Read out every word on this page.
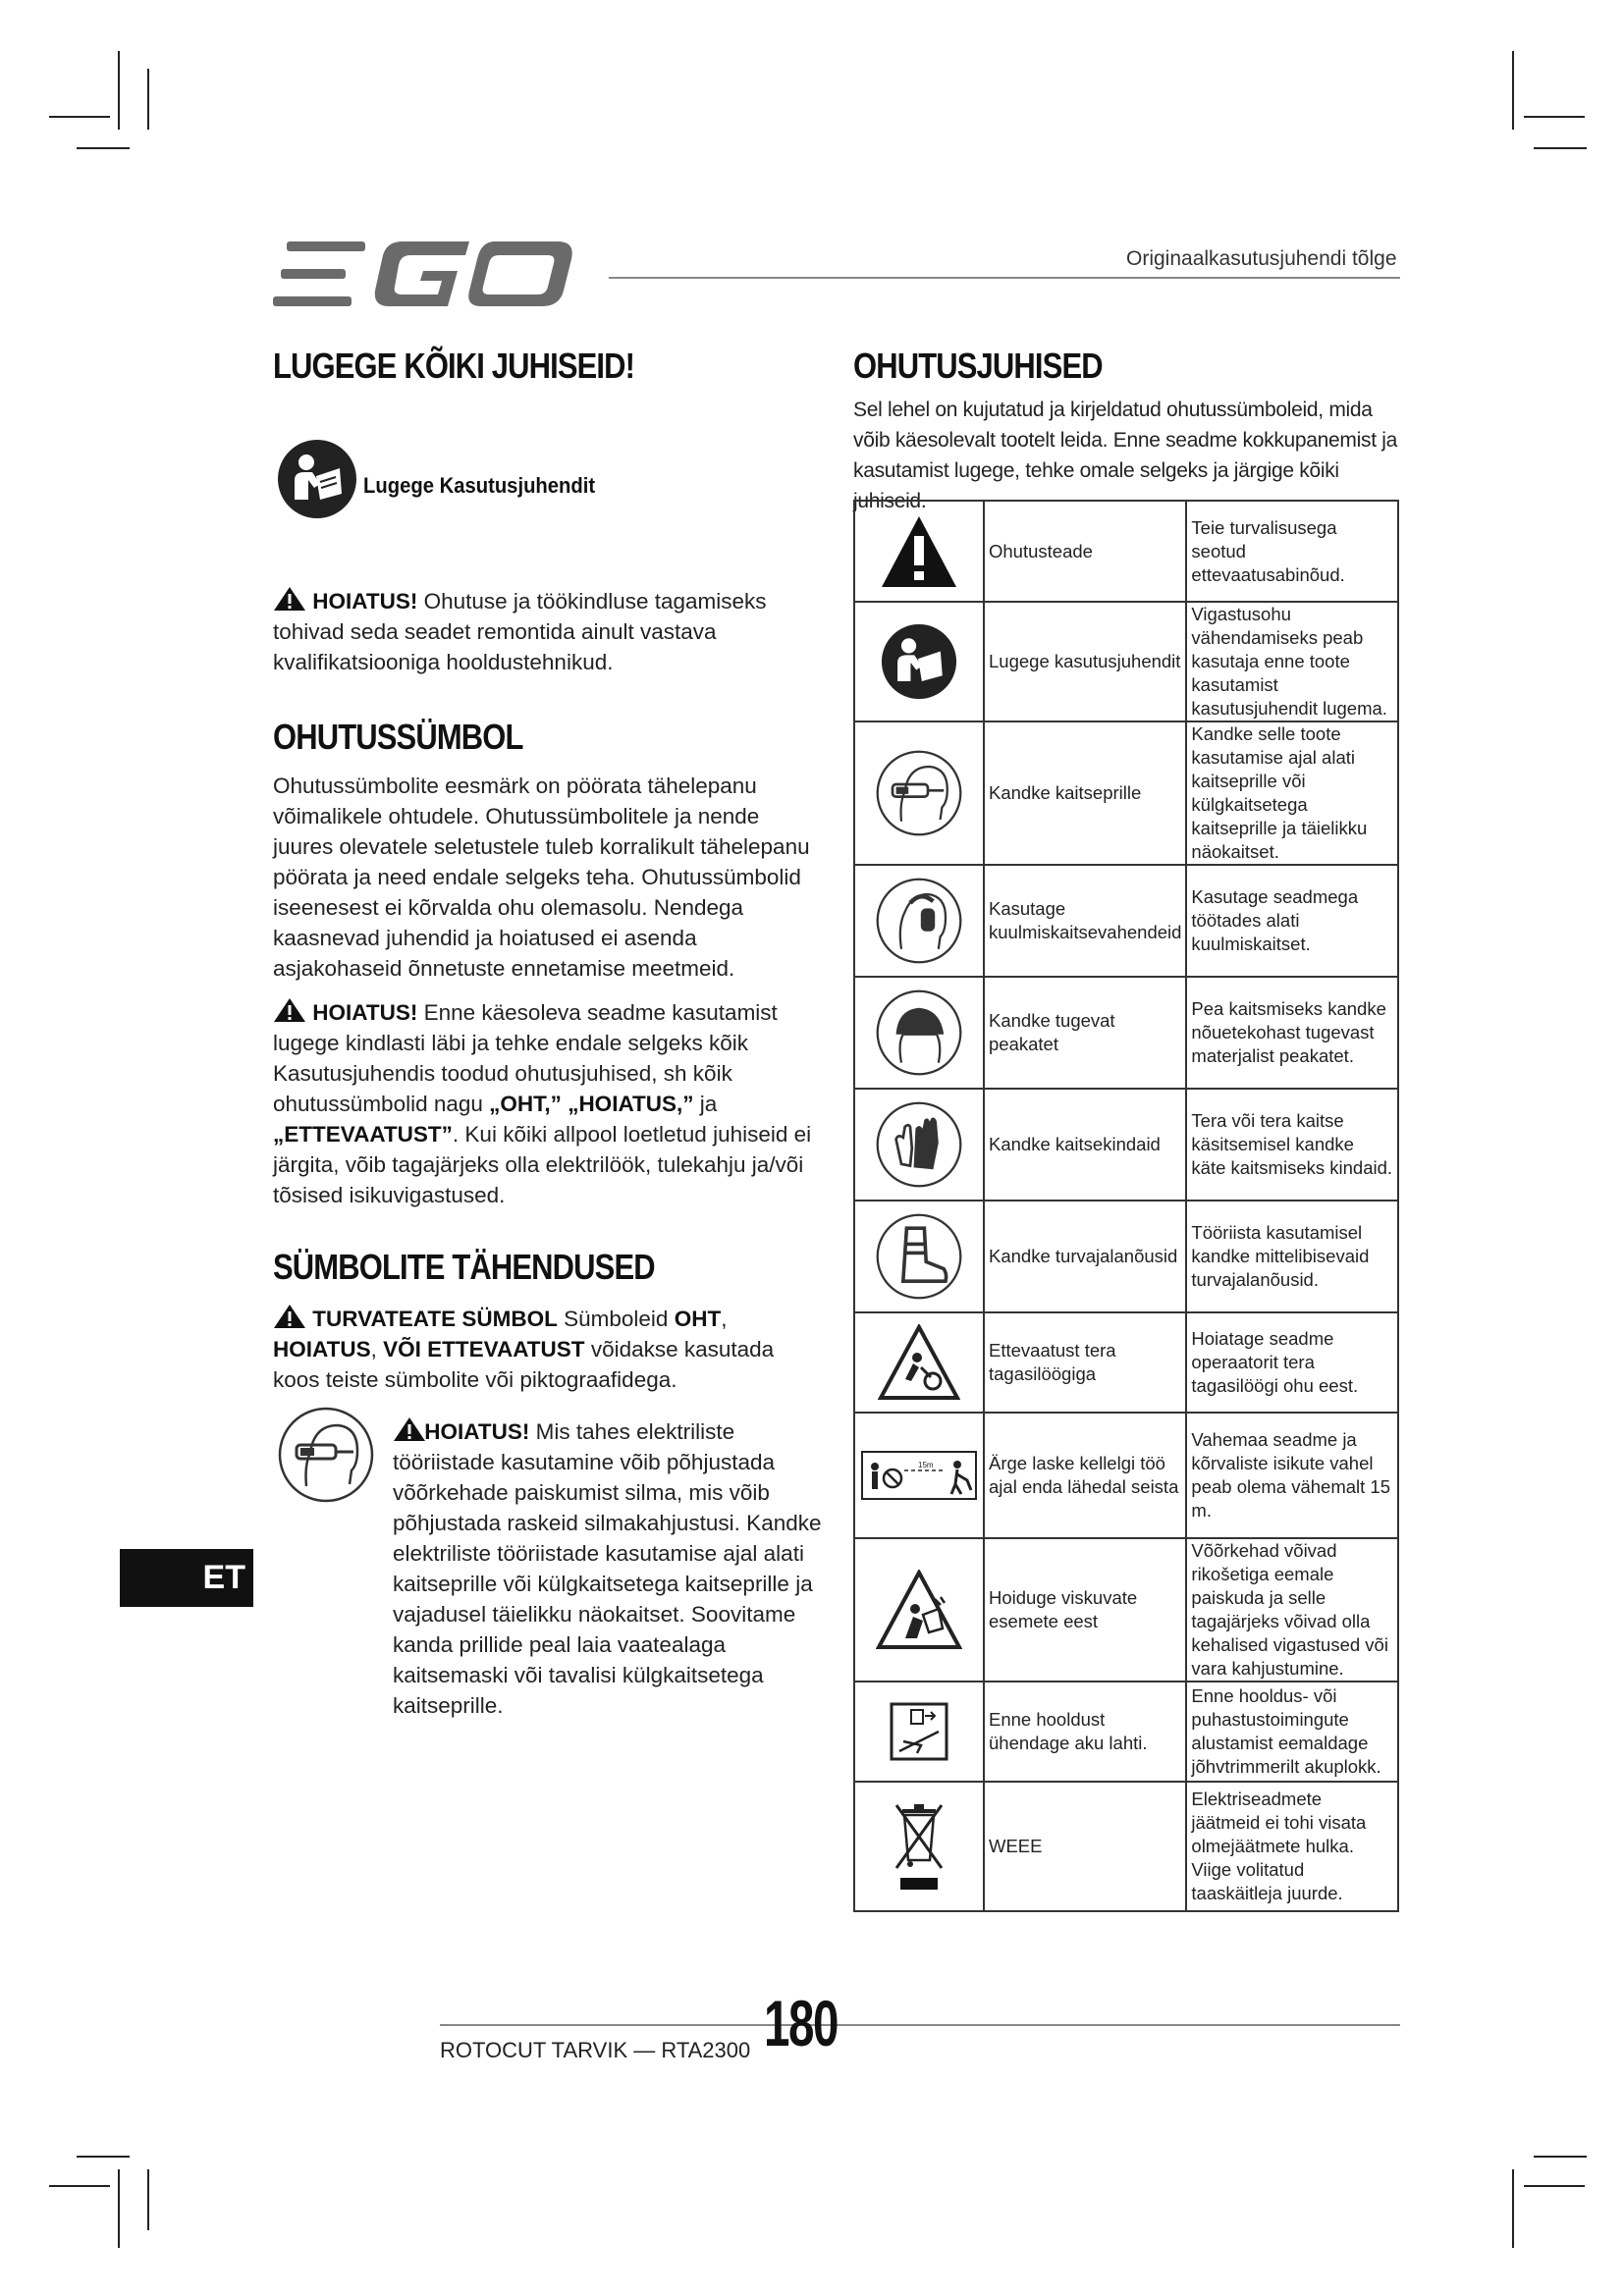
EGO
Originaalkasutusjuhendi tõlge
LUGEGE KÕIKI JUHISEID!
Lugege Kasutusjuhendit
HOIATUS! Ohutuse ja töökindluse tagamiseks tohivad seda seadet remontida ainult vastava kvalifikatsiooniga hooldustehnikud.
OHUTUSSÜMBOL
Ohutussümbolite eesmärk on pöörata tähelepanu võimalikele ohtudele. Ohutussümbolitele ja nende juures olevatele seletustele tuleb korralikult tähelepanu pöörata ja need endale selgeks teha. Ohutussümbolid iseenesest ei kõrvalda ohu olemasolu. Nendega kaasnevad juhendid ja hoiatused ei asenda asjakohaseid õnnetuste ennetamise meetmeid.
HOIATUS! Enne käesoleva seadme kasutamist lugege kindlasti läbi ja tehke endale selgeks kõik Kasutusjuhendis toodud ohutusjuhised, sh kõik ohutussümbolid nagu „OHT,” „HOIATUS,” ja
„ETTEVAATUST”. Kui kõiki allpool loetletud juhiseid ei järgita, võib tagajärjeks olla elektrilöök, tulekahju ja/või tõsised isikuvigastused.
SÜMBOLITE TÄHENDUSED
TURVATEATE SÜMBOL Sümboleid OHT,
HOIATUS, VÕI ETTEVAATUST võidakse kasutada koos teiste sümbolite või piktograafidega.
HOIATUS! Mis tahes elektriliste tööriistade kasutamine võib põhjustada võõrkehade paiskumist silma, mis võib põhjustada raskeid silmakahjustusi. Kandke elektriliste tööriistade kasutamise ajal alati kaitseprille või külgkaitsetega kaitseprille ja vajadusel täielikku näokaitset. Soovitame kanda prillide peal laia vaatealaga kaitsemaski või tavalisi külgkaitsetega kaitseprille.
ET
OHUTUSJUHISED
Sel lehel on kujutatud ja kirjeldatud ohutussümboleid, mida võib käesolevalt tootelt leida. Enne seadme kokkupanemist ja kasutamist lugege, tehke omale selgeks ja järgige kõiki juhiseid.
	Ohutusteade	Teie turvalisusega seotud ettevaatusabinõud.

	Lugege kasutusjuhendit	Vigastusohu vähendamiseks peab kasutaja enne toote kasutamist kasutusjuhendit lugema.

	Kandke kaitseprille	Kandke selle toote kasutamise ajal alati kaitseprille või külgkaitsetega kaitseprille ja täielikku näokaitset.

	Kasutage kuulmiskaitsevahendeid	Kasutage seadmega töötades alati kuulmiskaitset.

	Kandke tugevat peakatet	Pea kaitsmiseks kandke nõuetekohast tugevast materjalist peakatet.

	Kandke kaitsekindaid	Tera või tera kaitse käsitsemisel kandke käte kaitsmiseks kindaid.

	Kandke turvajalanõusid	Tööriista kasutamisel kandke mittelibisevaid turvajalanõusid.

	Ettevaatust tera tagasilöögiga	Hoiatage seadme operaatorit tera tagasilöögi ohu eest.

15m	Ärge laske kellelgi töö ajal enda lähedal seista	Vahemaa seadme ja kõrvaliste isikute vahel peab olema vähemalt 15 m.

	Hoiduge viskuvate esemete eest	Võõrkehad võivad rikošetiga eemale paiskuda ja selle tagajärjeks võivad olla kehalised vigastused või vara kahjustumine.

	Enne hooldust ühendage aku lahti.	Enne hooldus- või puhastustoimingute alustamist eemaldage jõhvtrimmerilt akuplokk.

	WEEE	Elektriseadmete jäätmeid ei tohi visata olmejäätmete hulka. Viige volitatud taaskäitleja juurde.
ROTOCUT TARVIK — RTA2300 180
